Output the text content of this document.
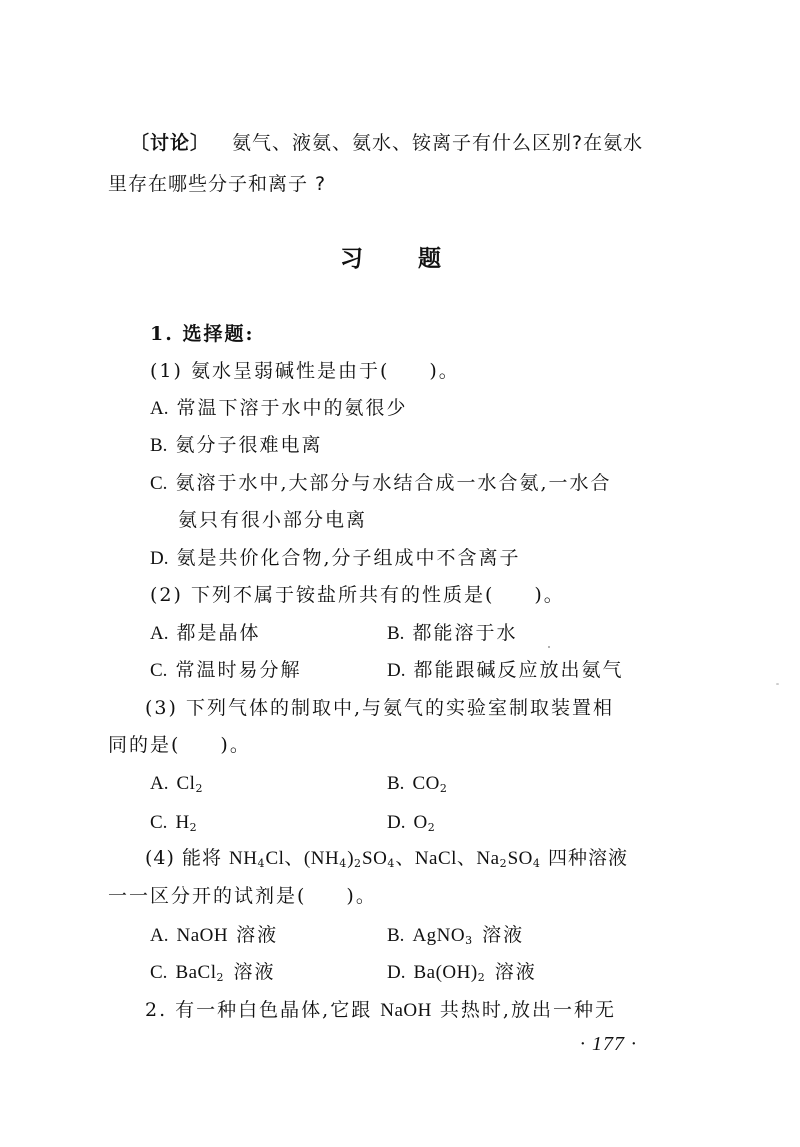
〔讨论〕 氨气、液氨、氨水、铵离子有什么区别?在氨水
里存在哪些分子和离子 ?
习 题
1. 选择题:
(1) 氨水呈弱碱性是由于( )。
A. 常温下溶于水中的氨很少
B. 氨分子很难电离
C. 氨溶于水中,大部分与水结合成一水合氨,一水合
氨只有很小部分电离
D. 氨是共价化合物,分子组成中不含离子
(2) 下列不属于铵盐所共有的性质是( )。
A. 都是晶体	B. 都能溶于水
C. 常温时易分解	D. 都能跟碱反应放出氨气
(3) 下列气体的制取中,与氨气的实验室制取装置相
同的是( )。
A. $Cl_2$	B. $CO_2$
C. $H_2$	D. $O_2$
(4) 能将 $NH_4Cl$、$(NH_4)_2SO_4$、NaCl、$Na_2SO_4$ 四种溶液
一一区分开的试剂是( )。
A. NaOH 溶液	B. AgNO$_3$ 溶液
C. BaCl$_2$ 溶液	D. $Ba(OH)_2$ 溶液
2. 有一种白色晶体,它跟 NaOH 共热时,放出一种无
· 177 ·
